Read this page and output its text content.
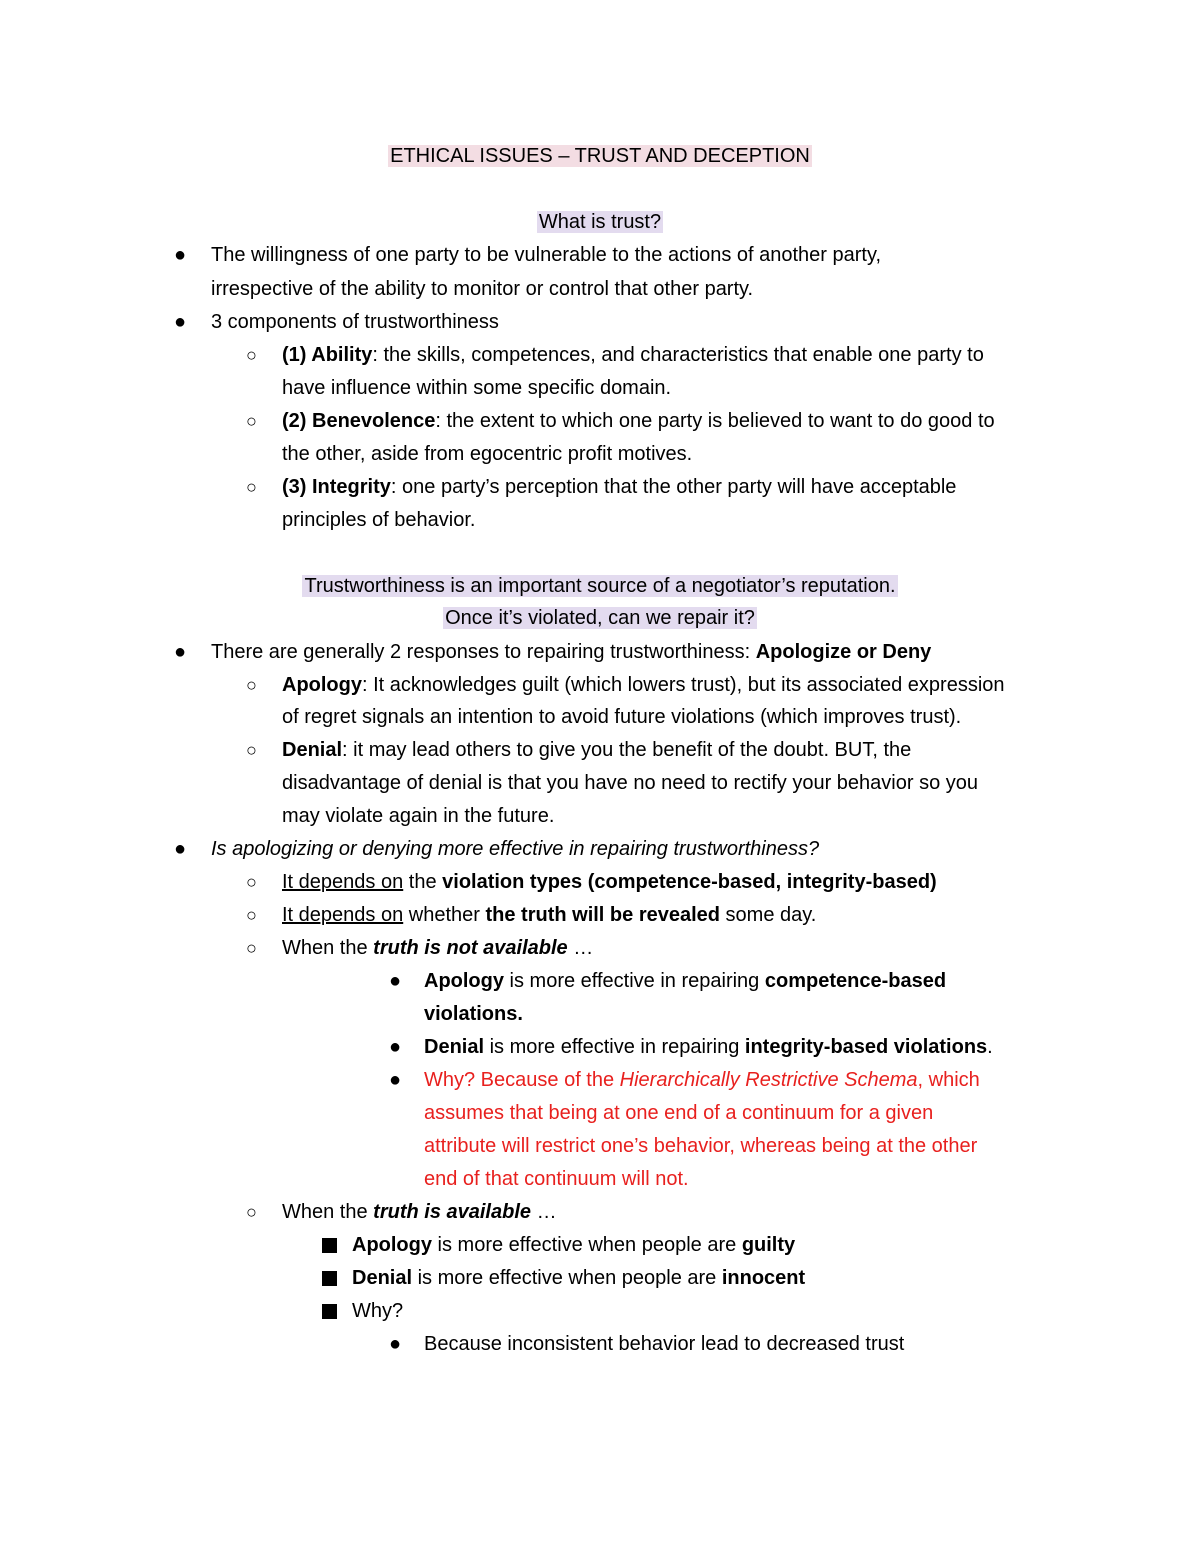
ETHICAL ISSUES – TRUST AND DECEPTION
What is trust?
● The willingness of one party to be vulnerable to the actions of another party,
irrespective of the ability to monitor or control that other party.
● 3 components of trustworthiness
○ (1) Ability: the skills, competences, and characteristics that enable one party to
have influence within some specific domain.
○ (2) Benevolence: the extent to which one party is believed to want to do good to
the other, aside from egocentric profit motives.
○ (3) Integrity: one party’s perception that the other party will have acceptable
principles of behavior.
Trustworthiness is an important source of a negotiator’s reputation.
Once it’s violated, can we repair it?
● There are generally 2 responses to repairing trustworthiness: Apologize or Deny
○ Apology: It acknowledges guilt (which lowers trust), but its associated expression
of regret signals an intention to avoid future violations (which improves trust).
○ Denial: it may lead others to give you the benefit of the doubt. BUT, the
disadvantage of denial is that you have no need to rectify your behavior so you
may violate again in the future.
● Is apologizing or denying more effective in repairing trustworthiness?
○ It depends on the violation types (competence-based, integrity-based)
○ It depends on whether the truth will be revealed some day.
○ When the truth is not available …
● Apology is more effective in repairing competence-based
violations.
● Denial is more effective in repairing integrity-based violations.
● Why? Because of the Hierarchically Restrictive Schema, which
assumes that being at one end of a continuum for a given
attribute will restrict one’s behavior, whereas being at the other
end of that continuum will not.
○ When the truth is available …
Apology is more effective when people are guilty
Denial is more effective when people are innocent
Why?
● Because inconsistent behavior lead to decreased trust
